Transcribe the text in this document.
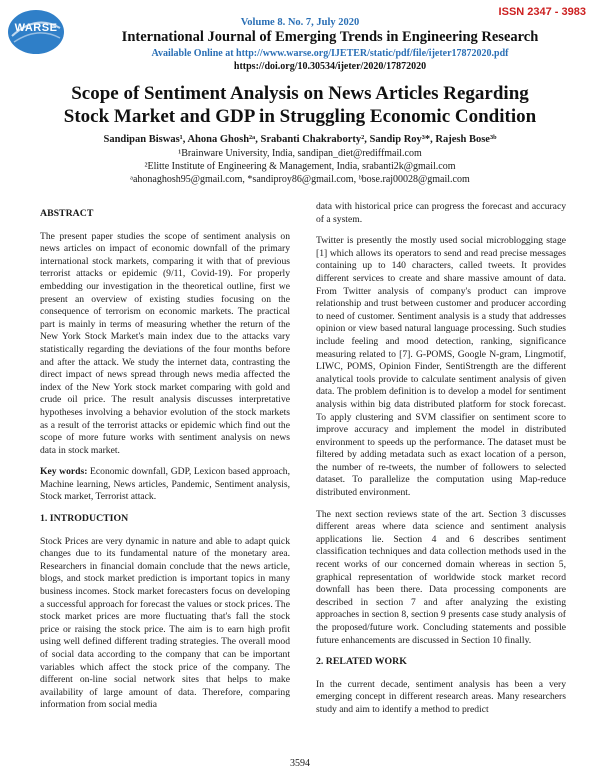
WARSE
ISSN 2347 - 3983
Volume 8. No. 7, July 2020
International Journal of Emerging Trends in Engineering Research
Available Online at http://www.warse.org/IJETER/static/pdf/file/ijeter17872020.pdf
https://doi.org/10.30534/ijeter/2020/17872020
Scope of Sentiment Analysis on News Articles Regarding
Stock Market and GDP in Struggling Economic Condition
Sandipan Biswas¹, Ahona Ghosh²ᵃ, Srabanti Chakraborty², Sandip Roy³*, Rajesh Bose³ᵇ
¹Brainware University, India, sandipan_diet@rediffmail.com
²Elitte Institute of Engineering & Management, India, srabanti2k@gmail.com
ᵃahonaghosh95@gmail.com, *sandiproy86@gmail.com, ᵇbose.raj00028@gmail.com
ABSTRACT

The present paper studies the scope of sentiment analysis on news articles on impact of economic downfall of the primary international stock markets, comparing it with that of previous terrorist attacks or epidemic (9/11, Covid-19). For properly embedding our investigation in the theoretical outline, first we present an overview of existing studies focusing on the consequence of terrorism on economic markets. The practical part is mainly in terms of measuring whether the return of the New York Stock Market's main index due to the attacks vary statistically regarding the deviations of the four months before and after the attack. We study the internet data, contrasting the direct impact of news spread through news media affected the index of the New York stock market comparing with gold and crude oil price. The result analysis discusses interpretative hypotheses involving a behavior evolution of the stock markets as a result of the terrorist attacks or epidemic which find out the scope of more future works with sentiment analysis on news data in stock market.

Key words: Economic downfall, GDP, Lexicon based approach, Machine learning, News articles, Pandemic, Sentiment analysis, Stock market, Terrorist attack.

1. INTRODUCTION

Stock Prices are very dynamic in nature and able to adapt quick changes due to its fundamental nature of the monetary area. Researchers in financial domain conclude that the news article, blogs, and stock market prediction is important topics in many business incomes. Stock market forecasters focus on developing a successful approach for forecast the values or stock prices. The stock market prices are more fluctuating that's fall the stock price or raising the stock price. The aim is to earn high profit using well defined different trading strategies. The overall mood of social data according to the company that can be important variables which affect the stock price of the company. The different on-line social network sites that helps to make availability of large amount of data. Therefore, comparing information from social media

data with historical price can progress the forecast and accuracy of a system.

Twitter is presently the mostly used social microblogging stage [1] which allows its operators to send and read precise messages containing up to 140 characters, called tweets. It provides different services to create and share massive amount of data. From Twitter analysis of company's product can improve relationship and trust between customer and producer according to need of customer. Sentiment analysis is a study that addresses opinion or view based natural language processing. Such studies include feeling and mood detection, ranking, significance measuring related to [7]. G-POMS, Google N-gram, Lingmotif, LIWC, POMS, Opinion Finder, SentiStrength are the different analytical tools provide to calculate sentiment analysis of given data. The problem definition is to develop a model for sentiment analysis within big data distributed platform for stock forecast. To apply clustering and SVM classifier on sentiment score to improve accuracy and implement the model in distributed environment to speeds up the performance. The dataset must be filtered by adding metadata such as exact location of a person, the number of re-tweets, the number of followers to selected dataset. To parallelize the computation using Map-reduce distributed environment.

The next section reviews state of the art. Section 3 discusses different areas where data science and sentiment analysis applications lie. Section 4 and 6 describes sentiment classification techniques and data collection methods used in the recent works of our concerned domain whereas in section 5, graphical representation of worldwide stock market record downfall has been there. Data processing components are described in section 7 and after analyzing the existing approaches in section 8, section 9 presents case study analysis of the proposed/future work. Concluding statements and possible future enhancements are discussed in Section 10 finally.

2. RELATED WORK

In the current decade, sentiment analysis has been a very emerging concept in different research areas. Many researchers study and aim to identify a method to predict

3594
